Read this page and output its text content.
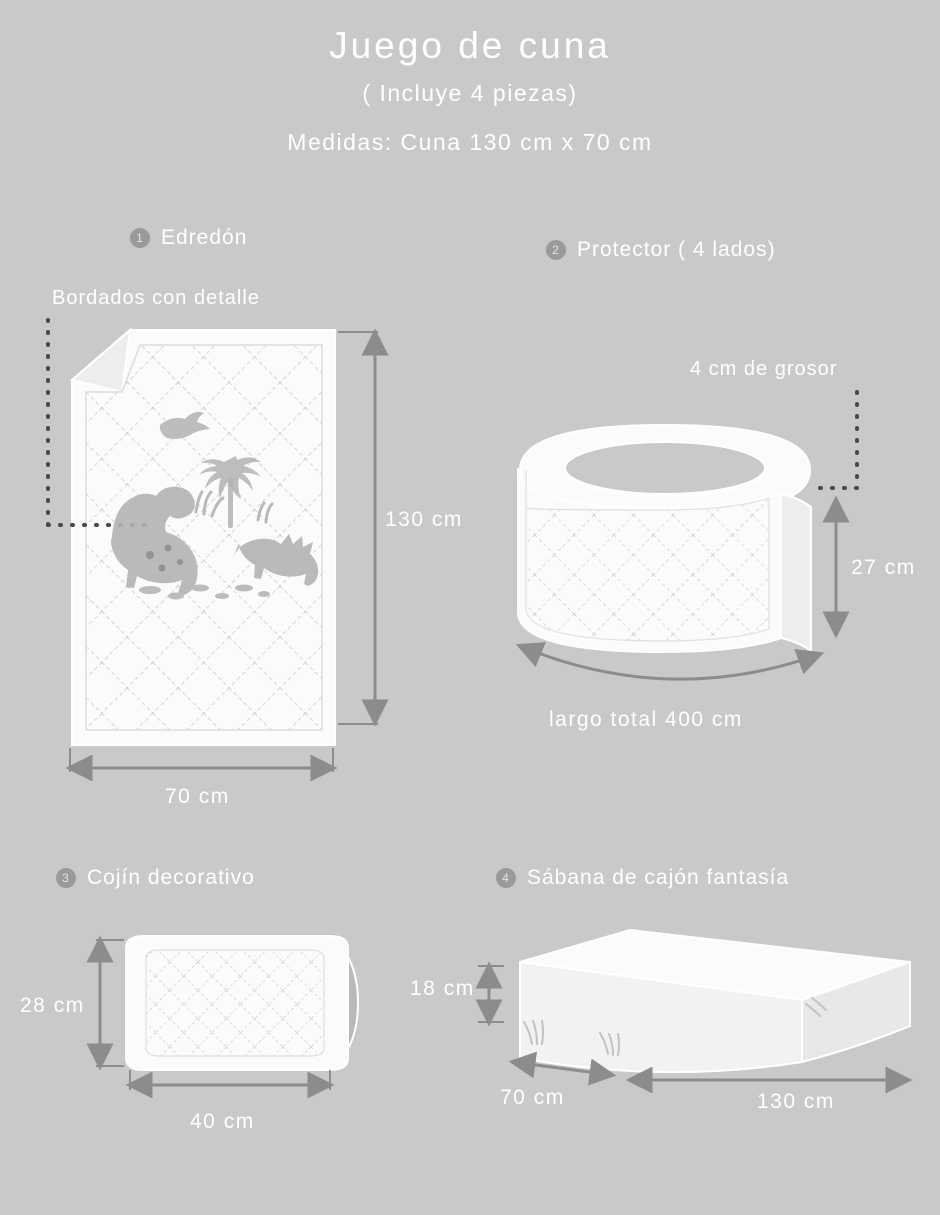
Juego de cuna
( Incluye 4 piezas)
Medidas: Cuna 130 cm x 70 cm
1 Edredón
Bordados con detalle
2 Protector ( 4 lados)
4 cm de grosor
3 Cojín decorativo	4 Sábana de cajón fantasía
130 cm
70 cm
27 cm
largo total 400 cm
28 cm
40 cm
18 cm
70 cm	130 cm
